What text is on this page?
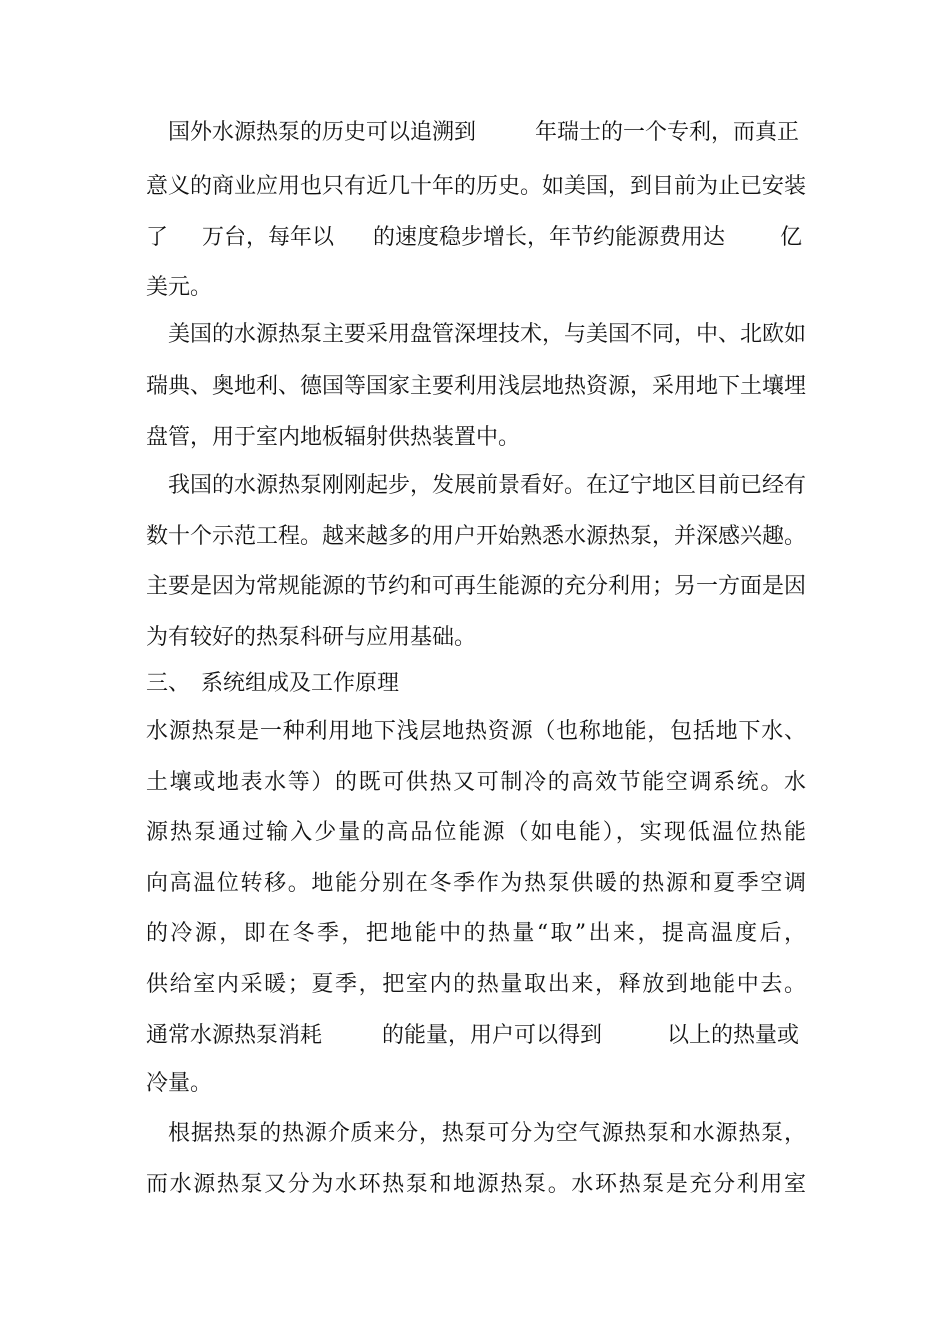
国外水源热泵的历史可以追溯到

	年瑞士的一个专利，而真正

意义的商业应用也只有近几十年的历史。如美国，到目前为止已安装

了

万台，每年以

的速度稳步增长，年节约能源费用达

亿

美元。

美国的水源热泵主要采用盘管深埋技术，与美国不同，中、北欧如

瑞典、奥地利、德国等国家主要利用浅层地热资源，采用地下土壤埋

盘管，用于室内地板辐射供热装置中。

我国的水源热泵刚刚起步，发展前景看好。在辽宁地区目前已经有

数十个示范工程。越来越多的用户开始熟悉水源热泵，并深感兴趣。

主要是因为常规能源的节约和可再生能源的充分利用；另一方面是因

为有较好的热泵科研与应用基础。

三、

系统组成及工作原理

水源热泵是一种利用地下浅层地热资源（也称地能，包括地下水、

土壤或地表水等）的既可供热又可制冷的高效节能空调系统。水

源热泵通过输入少量的高品位能源（如电能），实现低温位热能

向高温位转移。地能分别在冬季作为热泵供暖的热源和夏季空调

的冷源，即在冬季，把地能中的热量“取”出来，提高温度后，

供给室内采暖；夏季，把室内的热量取出来，释放到地能中去。

通常水源热泵消耗

	的能量，用户可以得到

	以上的热量或

冷量。

根据热泵的热源介质来分，热泵可分为空气源热泵和水源热泵，

而水源热泵又分为水环热泵和地源热泵。水环热泵是充分利用室
